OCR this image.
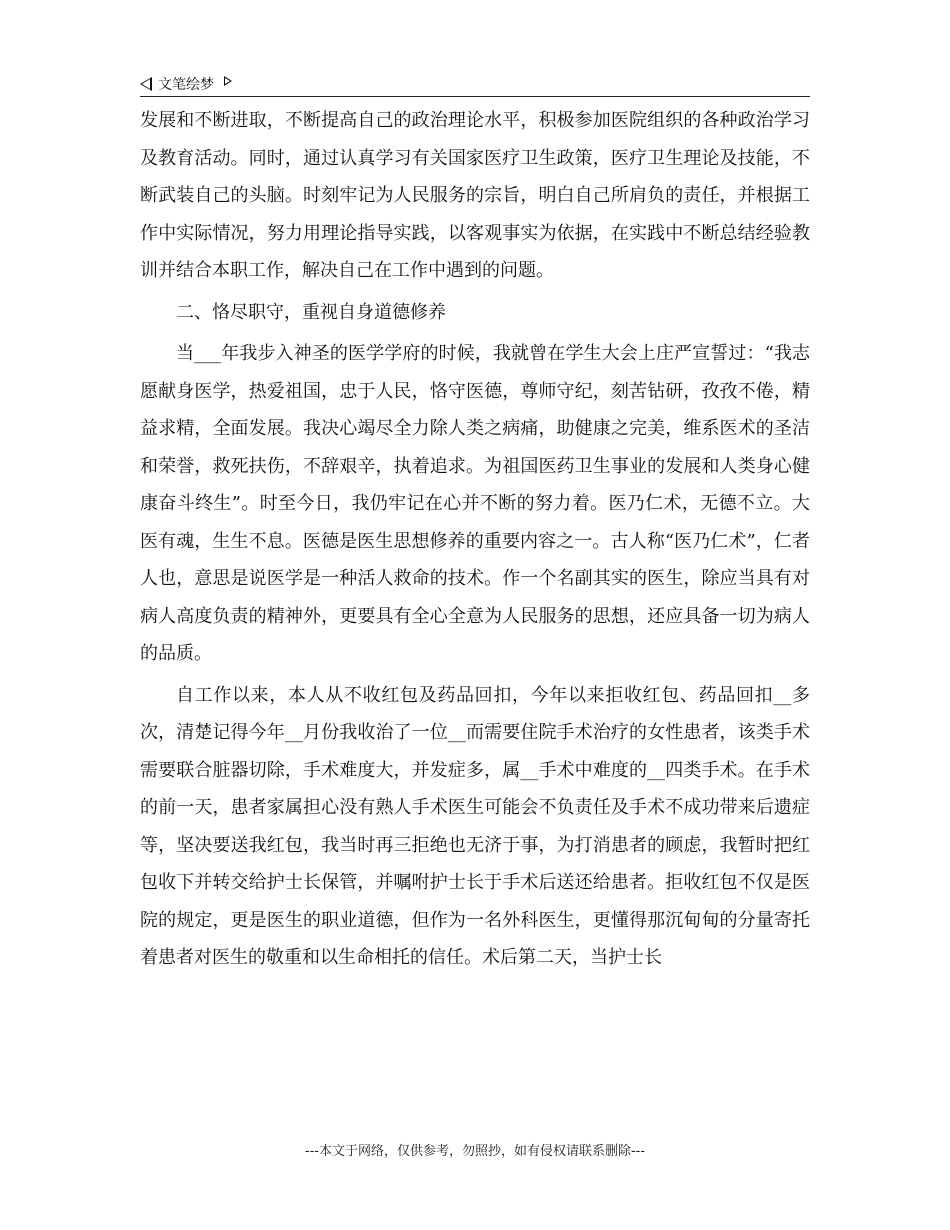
文笔绘梦

发展和不断进取，不断提高自己的政治理论水平，积极参加医院组织的各种政治学习及教育活动。同时，通过认真学习有关国家医疗卫生政策，医疗卫生理论及技能，不断武装自己的头脑。时刻牢记为人民服务的宗旨，明白自己所肩负的责任，并根据工作中实际情况，努力用理论指导实践，以客观事实为依据，在实践中不断总结经验教训并结合本职工作，解决自己在工作中遇到的问题。

二、恪尽职守，重视自身道德修养

当___年我步入神圣的医学学府的时候，我就曾在学生大会上庄严宣誓过：“我志愿献身医学，热爱祖国，忠于人民，恪守医德，尊师守纪，刻苦钻研，孜孜不倦，精益求精，全面发展。我决心竭尽全力除人类之病痛，助健康之完美，维系医术的圣洁和荣誉，救死扶伤，不辞艰辛，执着追求。为祖国医药卫生事业的发展和人类身心健康奋斗终生”。时至今日，我仍牢记在心并不断的努力着。医乃仁术，无德不立。大医有魂，生生不息。医德是医生思想修养的重要内容之一。古人称“医乃仁术”，仁者人也，意思是说医学是一种活人救命的技术。作一个名副其实的医生，除应当具有对病人高度负责的精神外，更要具有全心全意为人民服务的思想，还应具备一切为病人的品质。

自工作以来，本人从不收红包及药品回扣，今年以来拒收红包、药品回扣__多次，清楚记得今年__月份我收治了一位__而需要住院手术治疗的女性患者，该类手术需要联合脏器切除，手术难度大，并发症多，属__手术中难度的__四类手术。在手术的前一天，患者家属担心没有熟人手术医生可能会不负责任及手术不成功带来后遗症等，坚决要送我红包，我当时再三拒绝也无济于事，为打消患者的顾虑，我暂时把红包收下并转交给护士长保管，并嘱咐护士长于手术后送还给患者。拒收红包不仅是医院的规定，更是医生的职业道德，但作为一名外科医生，更懂得那沉甸甸的分量寄托着患者对医生的敬重和以生命相托的信任。术后第二天，当护士长

---本文于网络，仅供参考，勿照抄，如有侵权请联系删除---
